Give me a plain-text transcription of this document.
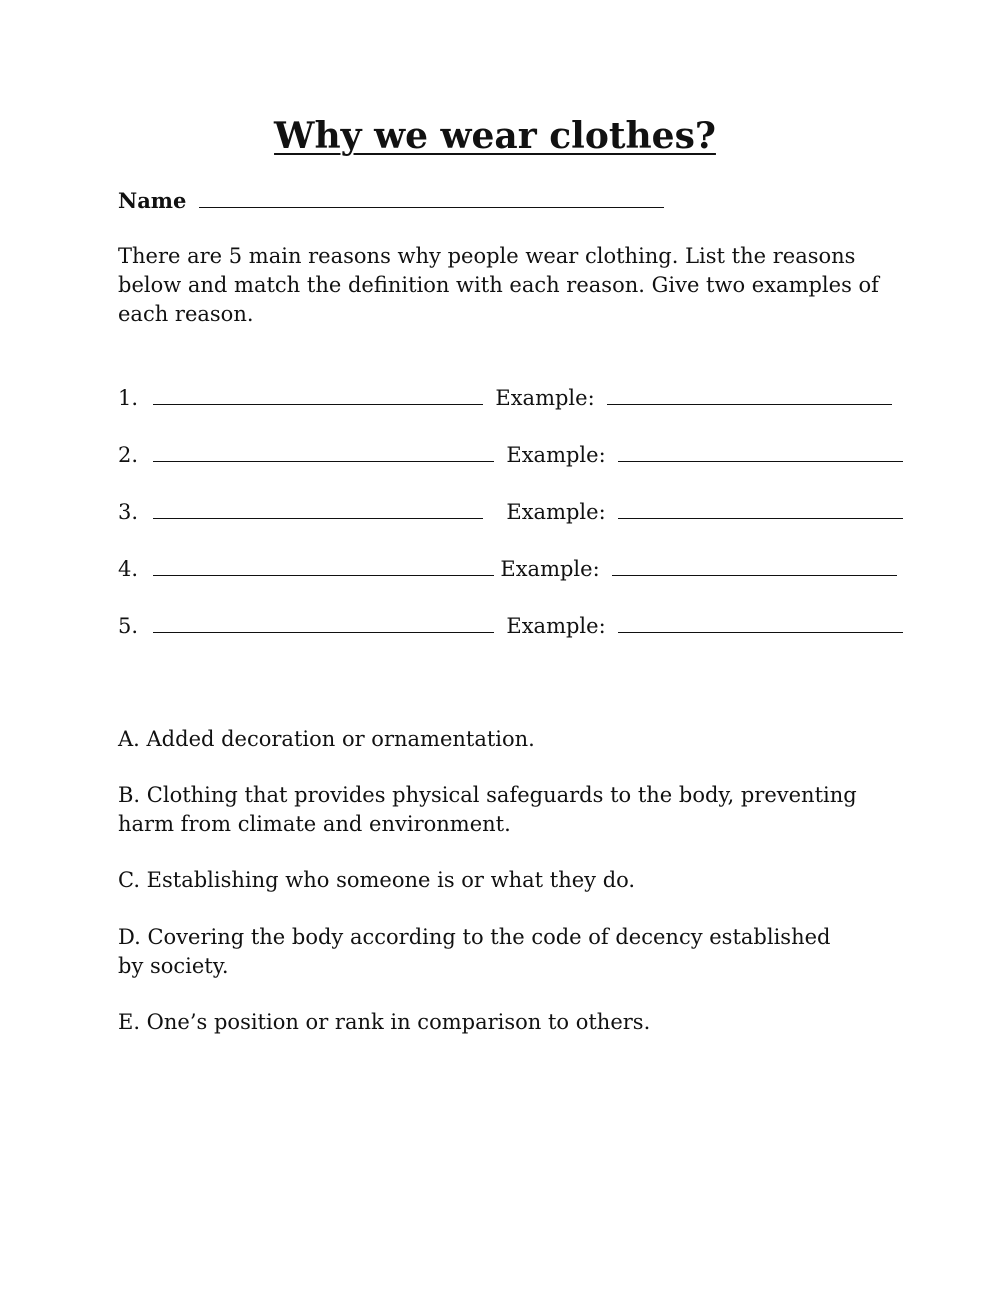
Why we wear clothes?
Name
There are 5 main reasons why people wear clothing. List the reasons below and match the definition with each reason. Give two examples of each reason.
1.	Example:
2.	Example:
3.	Example:
4.	Example:
5.	Example:
A. Added decoration or ornamentation.
B. Clothing that provides physical safeguards to the body, preventing harm from climate and environment.
C. Establishing who someone is or what they do.
D. Covering the body according to the code of decency established by society.
E. One’s position or rank in comparison to others.
